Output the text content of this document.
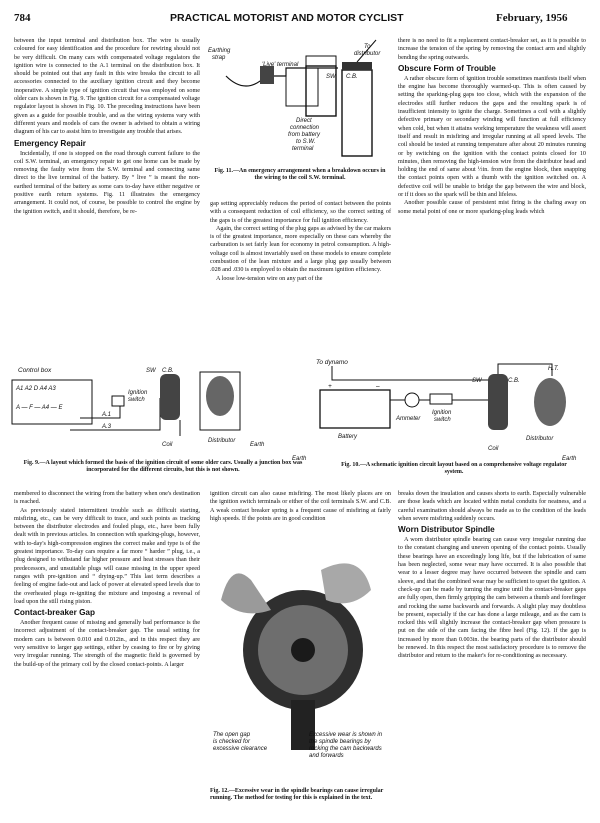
784	PRACTICAL MOTORIST AND MOTOR CYCLIST	February, 1956

between the input terminal and distribution box. The wire is usually coloured for easy identification and the procedure for rewiring should not be very difficult. On many cars with compensated voltage regulators the ignition wire is connected to the A.1 terminal on the distribution box. It should be pointed out that any fault in this wire breaks the circuit to all accessories connected to the auxiliary ignition circuit and they become inoperative. A simple type of ignition circuit that was employed on some older cars is shown in Fig. 9. The ignition circuit for a compensated voltage regulator layout is shown in Fig. 10. The preceding instructions have been given as a guide for possible trouble, and as the wiring systems vary with different years and models of cars the owner is advised to obtain a wiring diagram of his car to assist him to investigate any trouble that arises.

Emergency Repair

Incidentally, if one is stopped on the road through current failure to the coil S.W. terminal, an emergency repair to get one home can be made by removing the faulty wire from the S.W. terminal and connecting same direct to the live terminal of the battery. By “ live ” is meant the non-earthed terminal of the battery as some cars to-day have either negative or positive earth return systems. Fig. 11 illustrates the emergency arrangement. It could not, of course, be possible to control the engine by the ignition switch, and it should, therefore, be re-

Earthing strap
To distributor
'Live' terminal
SW C.B.
Direct connection from battery to S.W. terminal
Fig. 11.—An emergency arrangement when a breakdown occurs in the wiring to the coil S.W. terminal.

gap setting appreciably reduces the period of contact between the points with a consequent reduction of coil efficiency, so the correct setting of the gaps is of the greatest importance for full ignition efficiency.

Again, the correct setting of the plug gaps as advised by the car makers is of the greatest importance, more especially on these cars whereby the carburation is set fairly lean for economy in petrol consumption. A high-voltage coil is almost invariably used on these models to ensure complete combustion of the lean mixture and a large plug gap usually between .028 and .030 is employed to obtain the maximum ignition efficiency.

A loose low-tension wire on any part of the

there is no need to fit a replacement contact-breaker set, as it is possible to increase the tension of the spring by removing the contact arm and slightly bending the spring outwards.

Obscure Form of Trouble

A rather obscure form of ignition trouble sometimes manifests itself when the engine has become thoroughly warmed-up. This is often caused by setting the sparking-plug gaps too close, which with the expansion of the electrodes still further reduces the gaps and the resulting spark is of insufficient intensity to ignite the charge. Sometimes a coil with a slightly defective primary or secondary winding will function at full efficiency when cold, but when it attains working temperature the weakness will assert itself and result in misfiring and irregular running at all speed levels. The coil should be tested at running temperature after about 20 minutes running or by switching on the ignition with the contact points closed for 10 minutes, then removing the high-tension wire from the distributor head and holding the end of same about ½in. from the engine block, then snapping the contact points open with a thumb with the ignition switched on. A defective coil will be unable to bridge the gap between the wire and block, or if it does so the spark will be thin and lifeless.

Another possible cause of persistent mist firing is the chafing away on some metal point of one or more sparking-plug leads which

Control box
A1 A2 D A4 A3
A — F — A4 — E
Ignition switch
A.1
A.3
SW C.B.
Distributor
Coil	Earth
Fig. 9.—A layout which formed the basis of the ignition circuit of some older cars. Usually a junction box was incorporated for the different circuits, but this is not shown.
To dynamo
+	–
Battery
Earth
Ammeter
Ignition switch
SW	C.B.
H.T.
Distributor
Coil
Earth
Fig. 10.—A schematic ignition circuit layout based on a comprehensive voltage regulator system.

membered to disconnect the wiring from the battery when one's destination is reached.

As previously stated intermittent trouble such as difficult starting, misfiring, etc., can be very difficult to trace, and such points as tracking between the distributor electrodes and fouled plugs, etc., have been fully dealt with in previous articles. In connection with sparking-plugs, however, with to-day's high-compression engines the correct make and type is of the greatest importance. To-day cars require a far more “ harder ” plug, i.e., a plug designed to withstand far higher pressure and heat stresses than their predecessors, and unsuitable plugs will cause missing in the upper speed ranges with pre-ignition and “ drying-up.” This last term describes a feeling of engine fade-out and lack of power at elevated speed levels due to the overheated plugs re-igniting the mixture and imposing a reversal of load upon the still rising piston.

Contact-breaker Gap

Another frequent cause of missing and generally bad performance is the incorrect adjustment of the contact-breaker gap. The usual setting for modern cars is between 0.010 and 0.012in., and in this respect they are very sensitive to larger gap settings, either by ceasing to fire or by giving very irregular running. The strength of the magnetic field is governed by the build-up of the primary coil by the closed contact-points. A larger

ignition circuit can also cause misfiring. The most likely places are on the ignition switch terminals or either of the coil terminals S.W. and C.B. A weak contact breaker spring is a frequent cause of misfiring at fairly high speeds. If the points are in good condition

The open gap is checked for excessive clearance
Excessive wear is shown in the spindle bearings by rocking the cam backwards and forwards
Fig. 12.—Excessive wear in the spindle bearings can cause irregular running. The method for testing for this is explained in the text.

breaks down the insulation and causes shorts to earth. Especially vulnerable are those leads which are located within metal conduits for neatness, and a careful examination should always be made as to the condition of the leads when severe misfiring suddenly occurs.

Worn Distributor Spindle

A worn distributor spindle bearing can cause very irregular running due to the constant changing and uneven opening of the contact points. Usually these bearings have an exceedingly long life, but if the lubrication of same has been neglected, some wear may have occurred. It is also possible that wear to a lesser degree may have occurred between the spindle and cam sleeve, and that the combined wear may be sufficient to upset the ignition. A check-up can be made by turning the engine until the contact-breaker gaps are fully open, then firmly gripping the cam between a thumb and forefinger and rocking the same backwards and forwards. A slight play may doubtless be present, especially if the car has done a large mileage, and as the cam is rocked this will slightly increase the contact-breaker gap when pressure is put on the side of the cam facing the fibre heel (Fig. 12). If the gap is increased by more than 0.003in. the bearing parts of the distributor should be renewed. In this respect the most satisfactory procedure is to remove the distributor and return to the maker's for re-conditioning as necessary.
